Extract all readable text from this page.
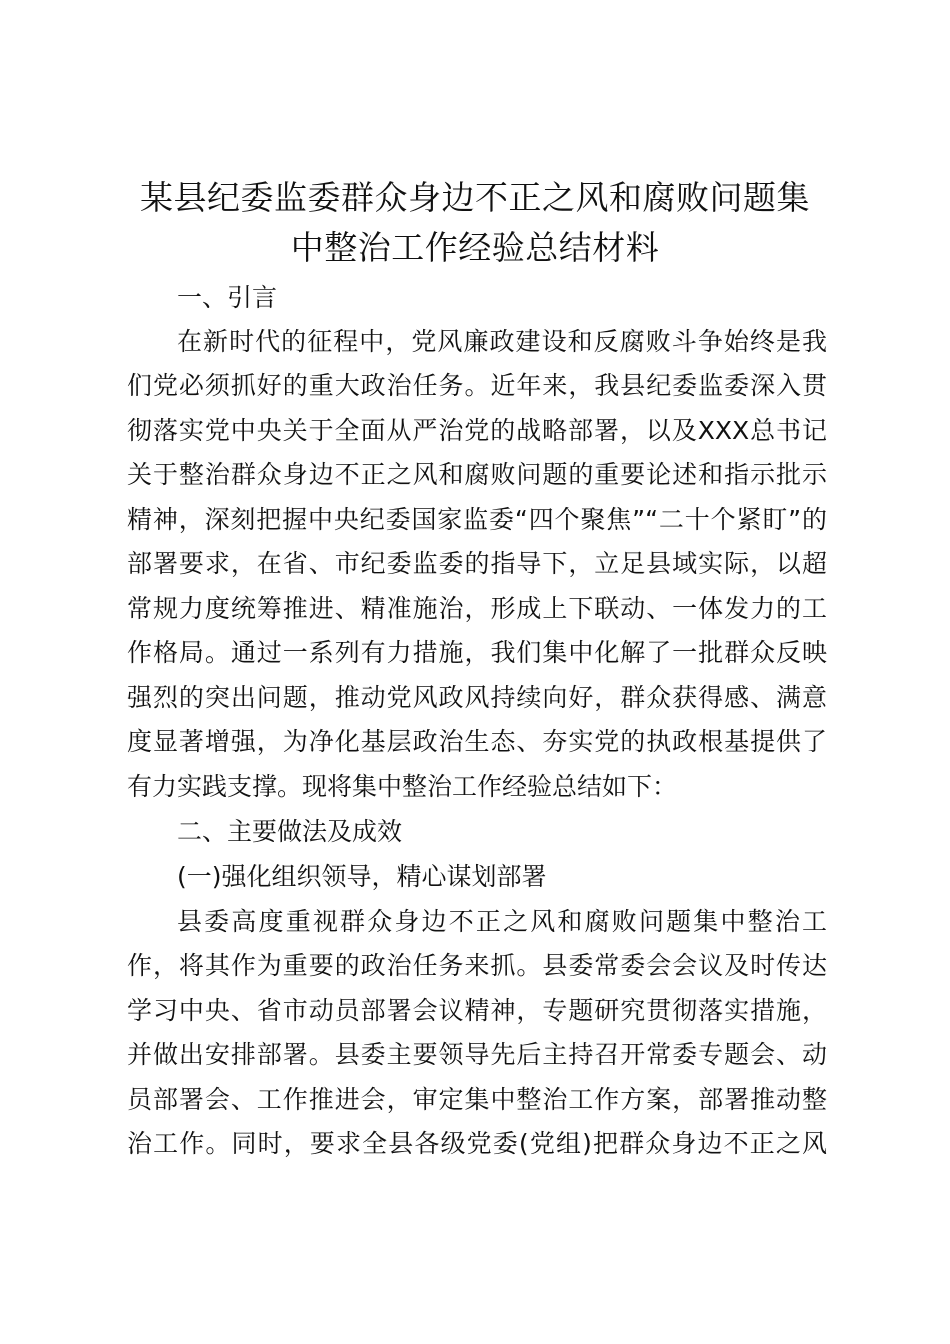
某县纪委监委群众身边不正之风和腐败问题集
中整治工作经验总结材料
一、引言
在新时代的征程中，党风廉政建设和反腐败斗争始终是我
们党必须抓好的重大政治任务。近年来，我县纪委监委深入贯
彻落实党中央关于全面从严治党的战略部署，以及XXX总书记
关于整治群众身边不正之风和腐败问题的重要论述和指示批示
精神，深刻把握中央纪委国家监委“四个聚焦”“二十个紧盯”的
部署要求，在省、市纪委监委的指导下，立足县域实际，以超
常规力度统筹推进、精准施治，形成上下联动、一体发力的工
作格局。通过一系列有力措施，我们集中化解了一批群众反映
强烈的突出问题，推动党风政风持续向好，群众获得感、满意
度显著增强，为净化基层政治生态、夯实党的执政根基提供了
有力实践支撑。现将集中整治工作经验总结如下：
二、主要做法及成效
(一)强化组织领导，精心谋划部署
县委高度重视群众身边不正之风和腐败问题集中整治工
作，将其作为重要的政治任务来抓。县委常委会会议及时传达
学习中央、省市动员部署会议精神，专题研究贯彻落实措施，
并做出安排部署。县委主要领导先后主持召开常委专题会、动
员部署会、工作推进会，审定集中整治工作方案，部署推动整
治工作。同时，要求全县各级党委(党组)把群众身边不正之风
